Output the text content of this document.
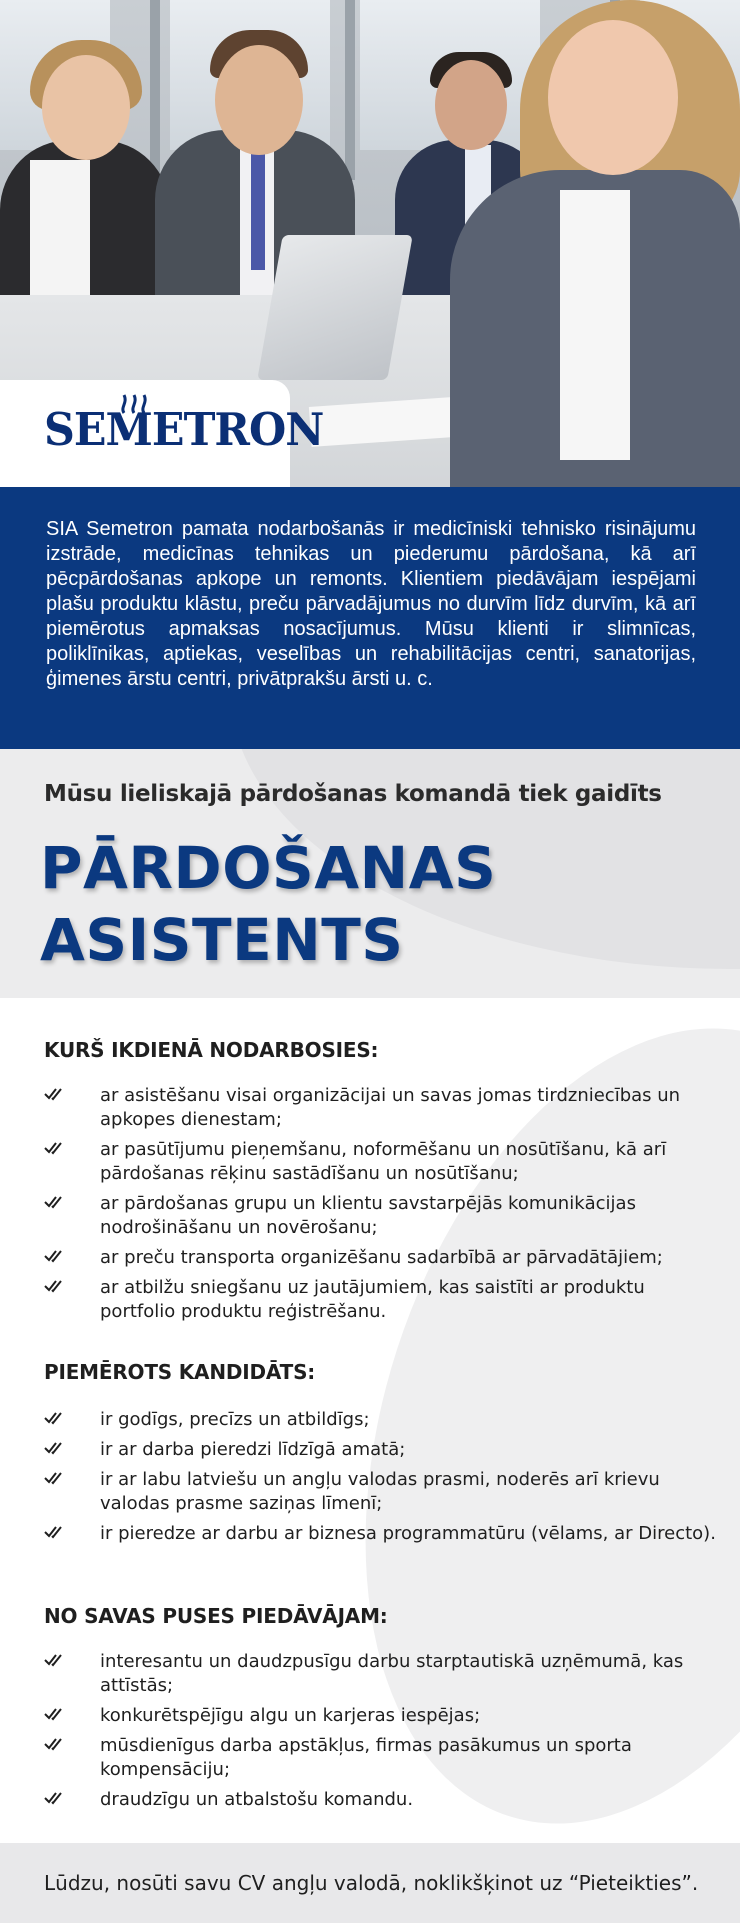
SEMETRON

SIA Semetron pamata nodarbošanās ir medicīniski tehnisko risinājumu izstrāde, medicīnas tehnikas un piederumu pārdošana, kā arī pēcpārdošanas apkope un remonts. Klientiem piedāvājam iespējami plašu produktu klāstu, preču pārvadājumus no durvīm līdz durvīm, kā arī piemērotus apmaksas nosacījumus. Mūsu klienti ir slimnīcas, poliklīnikas, aptiekas, veselības un rehabilitācijas centri, sanatorijas, ģimenes ārstu centri, privātprakšu ārsti u. c.

Mūsu lieliskajā pārdošanas komandā tiek gaidīts
PĀRDOŠANAS
ASISTENTS
KURŠ IKDIENĀ NODARBOSIES:
ar asistēšanu visai organizācijai un savas jomas tirdzniecības un apkopes dienestam;
ar pasūtījumu pieņemšanu, noformēšanu un nosūtīšanu, kā arī pārdošanas rēķinu sastādīšanu un nosūtīšanu;
ar pārdošanas grupu un klientu savstarpējās komunikācijas nodrošināšanu un novērošanu;
ar preču transporta organizēšanu sadarbībā ar pārvadātājiem;
ar atbilžu sniegšanu uz jautājumiem, kas saistīti ar produktu portfolio produktu reģistrēšanu.
PIEMĒROTS KANDIDĀTS:
ir godīgs, precīzs un atbildīgs;
ir ar darba pieredzi līdzīgā amatā;
ir ar labu latviešu un angļu valodas prasmi, noderēs arī krievu valodas prasme saziņas līmenī;
ir pieredze ar darbu ar biznesa programmatūru (vēlams, ar Directo).
NO SAVAS PUSES PIEDĀVĀJAM:
interesantu un daudzpusīgu darbu starptautiskā uzņēmumā, kas attīstās;
konkurētspējīgu algu un karjeras iespējas;
mūsdienīgus darba apstākļus, firmas pasākumus un sporta kompensāciju;
draudzīgu un atbalstošu komandu.

Lūdzu, nosūti savu CV angļu valodā, noklikšķinot uz “Pieteikties”.
